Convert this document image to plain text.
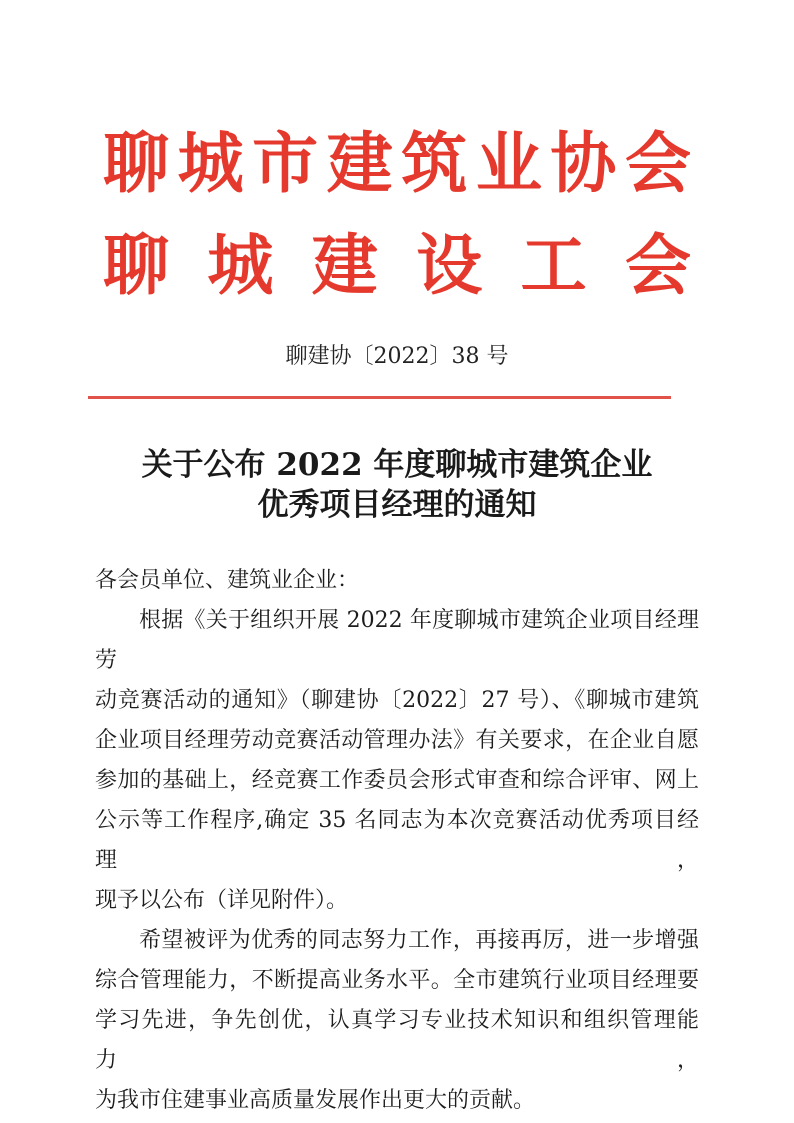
聊城市建筑业协会
聊城建设工会
聊建协〔2022〕38 号
关于公布 2022 年度聊城市建筑企业
优秀项目经理的通知

各会员单位、建筑业企业：

根据《关于组织开展 2022 年度聊城市建筑企业项目经理劳

动竞赛活动的通知》（聊建协〔2022〕27 号）、《聊城市建筑

企业项目经理劳动竞赛活动管理办法》有关要求，在企业自愿

参加的基础上，经竞赛工作委员会形式审查和综合评审、网上

公示等工作程序,确定 35 名同志为本次竞赛活动优秀项目经理，

现予以公布（详见附件）。

希望被评为优秀的同志努力工作，再接再厉，进一步增强

综合管理能力，不断提高业务水平。全市建筑行业项目经理要

学习先进，争先创优，认真学习专业技术知识和组织管理能力，

为我市住建事业高质量发展作出更大的贡献。
